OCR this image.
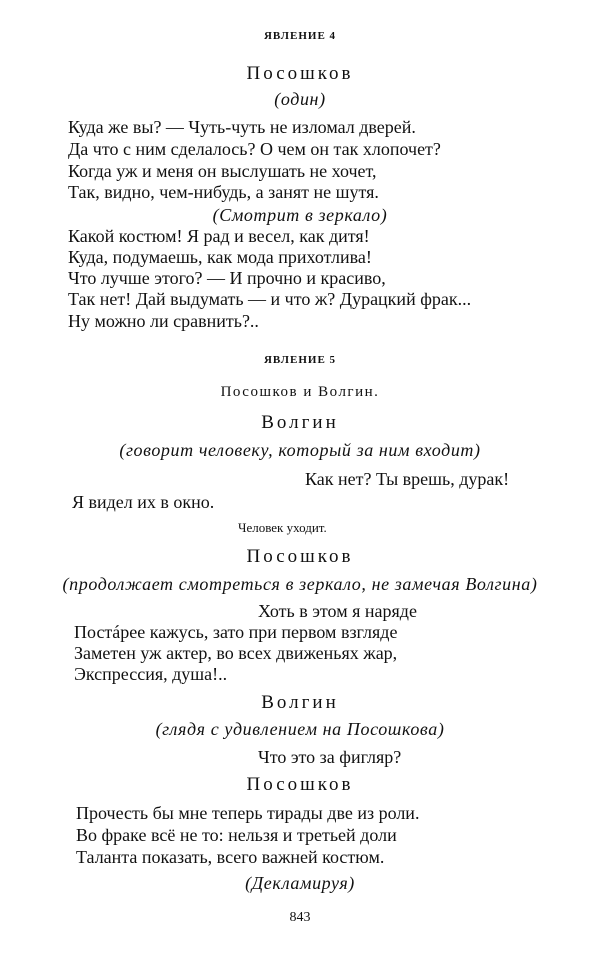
ЯВЛЕНИЕ 4
Посошков
(один)
Куда же вы? — Чуть-чуть не изломал дверей.
Да что с ним сделалось? О чем он так хлопочет?
Когда уж и меня он выслушать не хочет,
Так, видно, чем-нибудь, а занят не шутя.
(Смотрит в зеркало)
Какой костюм! Я рад и весел, как дитя!
Куда, подумаешь, как мода прихотлива!
Что лучше этого? — И прочно и красиво,
Так нет! Дай выдумать — и что ж? Дурацкий фрак...
Ну можно ли сравнить?..
ЯВЛЕНИЕ 5
Посошков и Волгин.
Волгин
(говорит человеку, который за ним входит)
Как нет? Ты врешь, дурак!
Я видел их в окно.
Человек уходит.
Посошков
(продолжает смотреться в зеркало, не замечая Волгина)
Хоть в этом я наряде
Постáрее кажусь, зато при первом взгляде
Заметен уж актер, во всех движеньях жар,
Экспрессия, душа!..
Волгин
(глядя с удивлением на Посошкова)
Что это за фигляр?
Посошков
Прочесть бы мне теперь тирады две из роли.
Во фраке всё не то: нельзя и третьей доли
Таланта показать, всего важней костюм.
(Декламируя)
843
